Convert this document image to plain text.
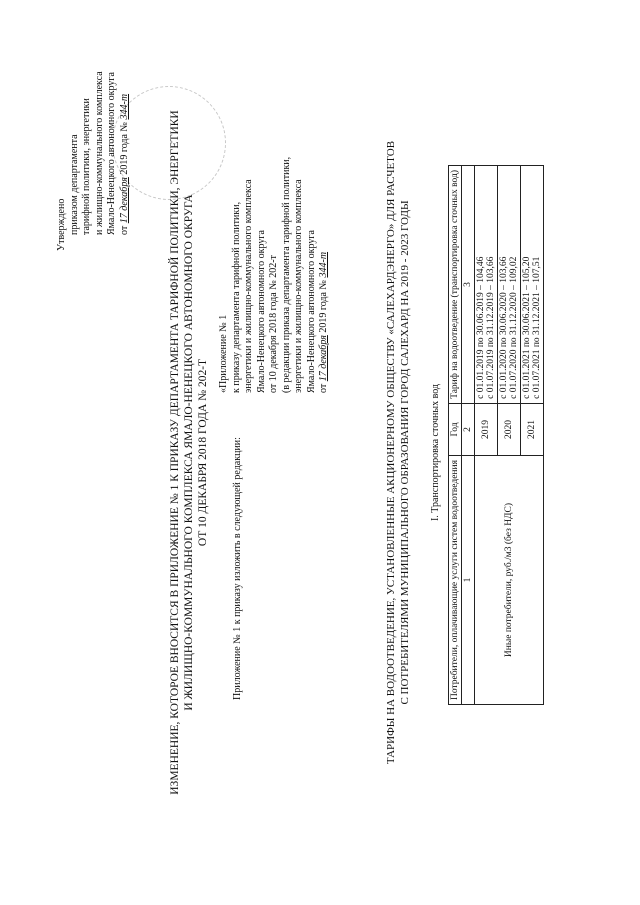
Утверждено приказом департамента тарифной политики, энергетики и жилищно-коммунального комплекса Ямало-Ненецкого автономного округа от 17 декабря 2019 года № 344-т
ИЗМЕНЕНИЕ, КОТОРОЕ ВНОСИТСЯ В ПРИЛОЖЕНИЕ № 1 К ПРИКАЗУ ДЕПАРТАМЕНТА ТАРИФНОЙ ПОЛИТИКИ, ЭНЕРГЕТИКИ И ЖИЛИЩНО-КОММУНАЛЬНОГО КОМПЛЕКСА ЯМАЛО-НЕНЕЦКОГО АВТОНОМНОГО ОКРУГА ОТ 10 ДЕКАБРЯ 2018 ГОДА № 202-Т Приложение № 1 к приказу изложить в следующей редакции:
«Приложение № 1 к приказу департамента тарифной политики, энергетики и жилищно-коммунального комплекса Ямало-Ненецкого автономного округа от 10 декабря 2018 года № 202-т (в редакции приказа департамента тарифной политики, энергетики и жилищно-коммунального комплекса Ямало-Ненецкого автономного округа от 17 декабря 2019 года № 344-т	ТАРИФЫ НА ВОДООТВЕДЕНИЕ, УСТАНОВЛЕННЫЕ АКЦИОНЕРНОМУ ОБЩЕСТВУ «САЛЕХАРДЭНЕРГО» ДЛЯ РАСЧЕТОВ С ПОТРЕБИТЕЛЯМИ МУНИЦИПАЛЬНОГО ОБРАЗОВАНИЯ ГОРОД САЛЕХАРД НА 2019 - 2023 ГОДЫ I. Транспортировка сточных вод
Потребители, оплачивающие услуги систем водоотведения	Год	Тариф на водоотведение (транспортировка сточных вод)
1	2	3
Иные потребители, руб./м3 (без НДС)	2019	с 01.01.2019 по 30.06.2019 – 104,46 с 01.07.2019 по 31.12.2019 – 103,66

	2020	с 01.01.2020 по 30.06.2020 – 103,66 с 01.07.2020 по 31.12.2020 – 109,02

	2021	с 01.01.2021 по 30.06.2021 – 105,20 с 01.07.2021 по 31.12.2021 – 107,51
